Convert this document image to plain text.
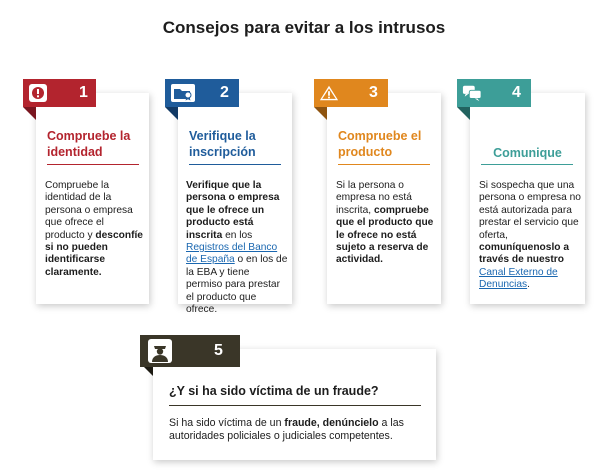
Consejos para evitar a los intrusos
1
Compruebe la identidad
Compruebe la identidad de la persona o empresa que ofrece el producto y desconfíe si no pueden identificarse claramente.
2
Verifique la inscripción
Verifique que la persona o empresa que le ofrece un producto está inscrita en los Registros del Banco de España o en los de la EBA y tiene permiso para prestar el producto que ofrece.
3
Compruebe el producto
Si la persona o empresa no está inscrita, compruebe que el producto que le ofrece no está sujeto a reserva de actividad.
4
Comunique
Si sospecha que una persona o empresa no está autorizada para prestar el servicio que oferta, comuníquenoslo a través de nuestro Canal Externo de Denuncias.
5
¿Y si ha sido víctima de un fraude?
Si ha sido víctima de un fraude, denúncielo a las autoridades policiales o judiciales competentes.
